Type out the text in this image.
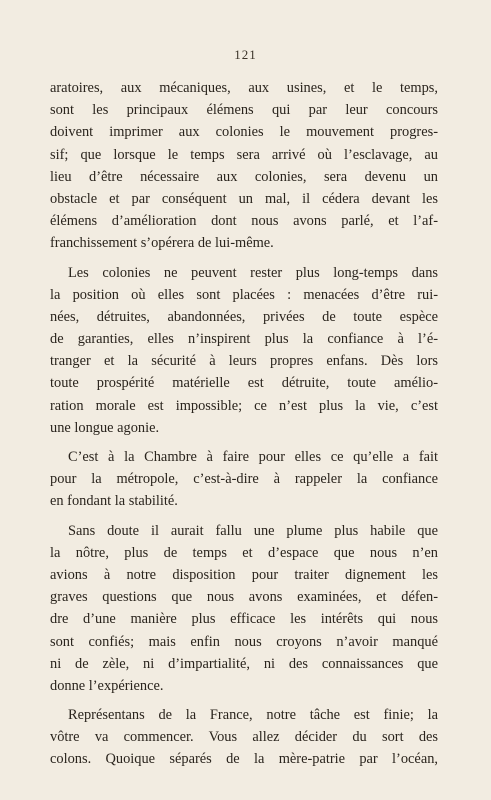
121
aratoires, aux mécaniques, aux usines, et le temps,
sont les principaux élémens qui par leur concours
doivent imprimer aux colonies le mouvement progres-
sif; que lorsque le temps sera arrivé où l’esclavage, au
lieu d’être nécessaire aux colonies, sera devenu un
obstacle et par conséquent un mal, il cédera devant les
élémens d’amélioration dont nous avons parlé, et l’af-
franchissement s’opérera de lui-même.
Les colonies ne peuvent rester plus long-temps dans
la position où elles sont placées : menacées d’être rui-
nées, détruites, abandonnées, privées de toute espèce
de garanties, elles n’inspirent plus la confiance à l’é-
tranger et la sécurité à leurs propres enfans. Dès lors
toute prospérité matérielle est détruite, toute amélio-
ration morale est impossible; ce n’est plus la vie, c’est
une longue agonie.
C’est à la Chambre à faire pour elles ce qu’elle a fait
pour la métropole, c’est-à-dire à rappeler la confiance
en fondant la stabilité.
Sans doute il aurait fallu une plume plus habile que
la nôtre, plus de temps et d’espace que nous n’en
avions à notre disposition pour traiter dignement les
graves questions que nous avons examinées, et défen-
dre d’une manière plus efficace les intérêts qui nous
sont confiés; mais enfin nous croyons n’avoir manqué
ni de zèle, ni d’impartialité, ni des connaissances que
donne l’expérience.
Représentans de la France, notre tâche est finie; la
vôtre va commencer. Vous allez décider du sort des
colons. Quoique séparés de la mère-patrie par l’océan,
